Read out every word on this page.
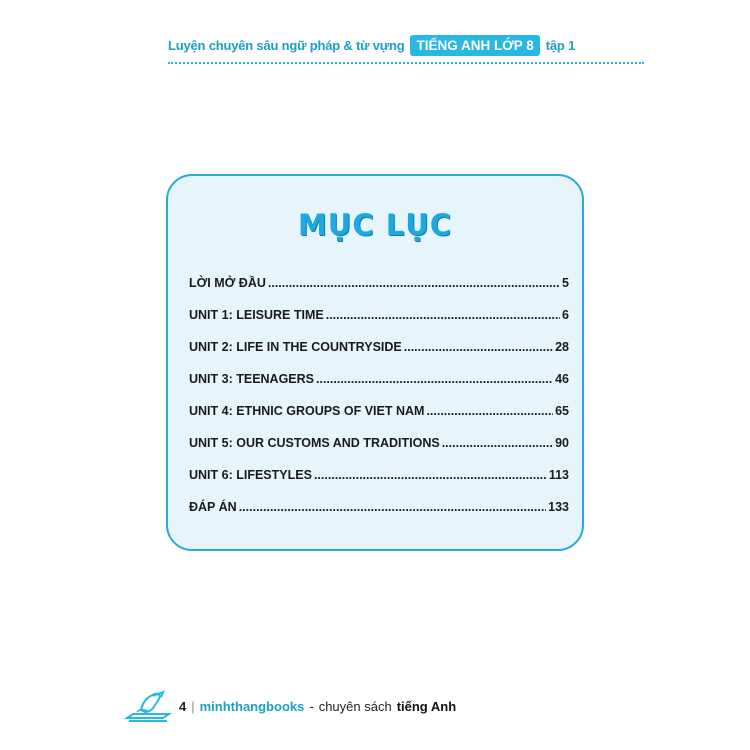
Luyện chuyên sâu ngữ pháp & từ vựng TIẾNG ANH LỚP 8 tập 1
MỤC LỤC
LỜI MỞ ĐẦU .....	5
UNIT 1: LEISURE TIME .....	6
UNIT 2: LIFE IN THE COUNTRYSIDE .....	28
UNIT 3: TEENAGERS .....	46
UNIT 4: ETHNIC GROUPS OF VIET NAM .....	65
UNIT 5: OUR CUSTOMS AND TRADITIONS .....	90
UNIT 6: LIFESTYLES .....	113
ĐÁP ÁN .....	133
4 | minhthangbooks - chuyên sách tiếng Anh
